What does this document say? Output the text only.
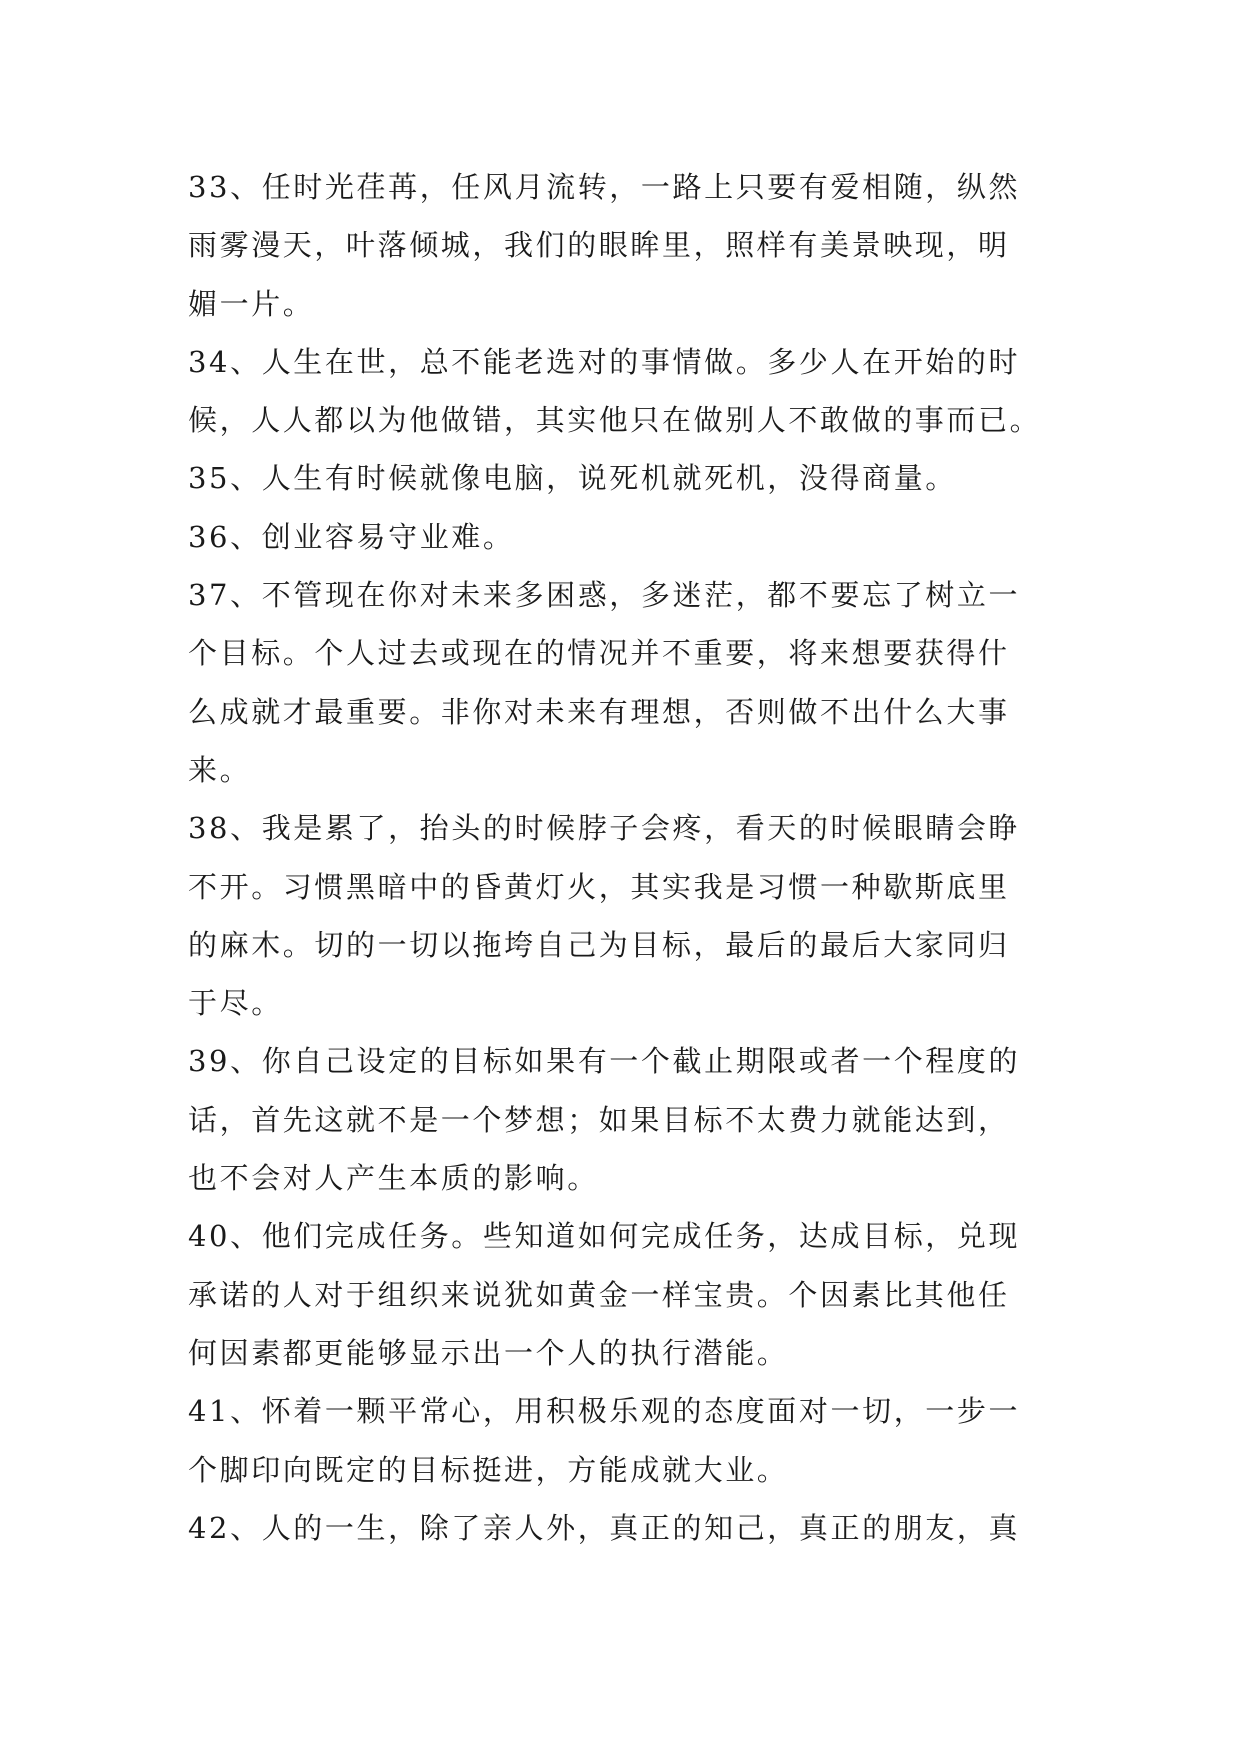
33、任时光荏苒，任风月流转，一路上只要有爱相随，纵然
雨雾漫天，叶落倾城，我们的眼眸里，照样有美景映现，明
媚一片。
34、人生在世，总不能老选对的事情做。多少人在开始的时
候，人人都以为他做错，其实他只在做别人不敢做的事而已。
35、人生有时候就像电脑，说死机就死机，没得商量。
36、创业容易守业难。
37、不管现在你对未来多困惑，多迷茫，都不要忘了树立一
个目标。个人过去或现在的情况并不重要，将来想要获得什
么成就才最重要。非你对未来有理想，否则做不出什么大事
来。
38、我是累了，抬头的时候脖子会疼，看天的时候眼睛会睁
不开。习惯黑暗中的昏黄灯火，其实我是习惯一种歇斯底里
的麻木。切的一切以拖垮自己为目标，最后的最后大家同归
于尽。
39、你自己设定的目标如果有一个截止期限或者一个程度的
话，首先这就不是一个梦想；如果目标不太费力就能达到，
也不会对人产生本质的影响。
40、他们完成任务。些知道如何完成任务，达成目标，兑现
承诺的人对于组织来说犹如黄金一样宝贵。个因素比其他任
何因素都更能够显示出一个人的执行潜能。
41、怀着一颗平常心，用积极乐观的态度面对一切，一步一
个脚印向既定的目标挺进，方能成就大业。
42、人的一生，除了亲人外，真正的知己，真正的朋友，真
